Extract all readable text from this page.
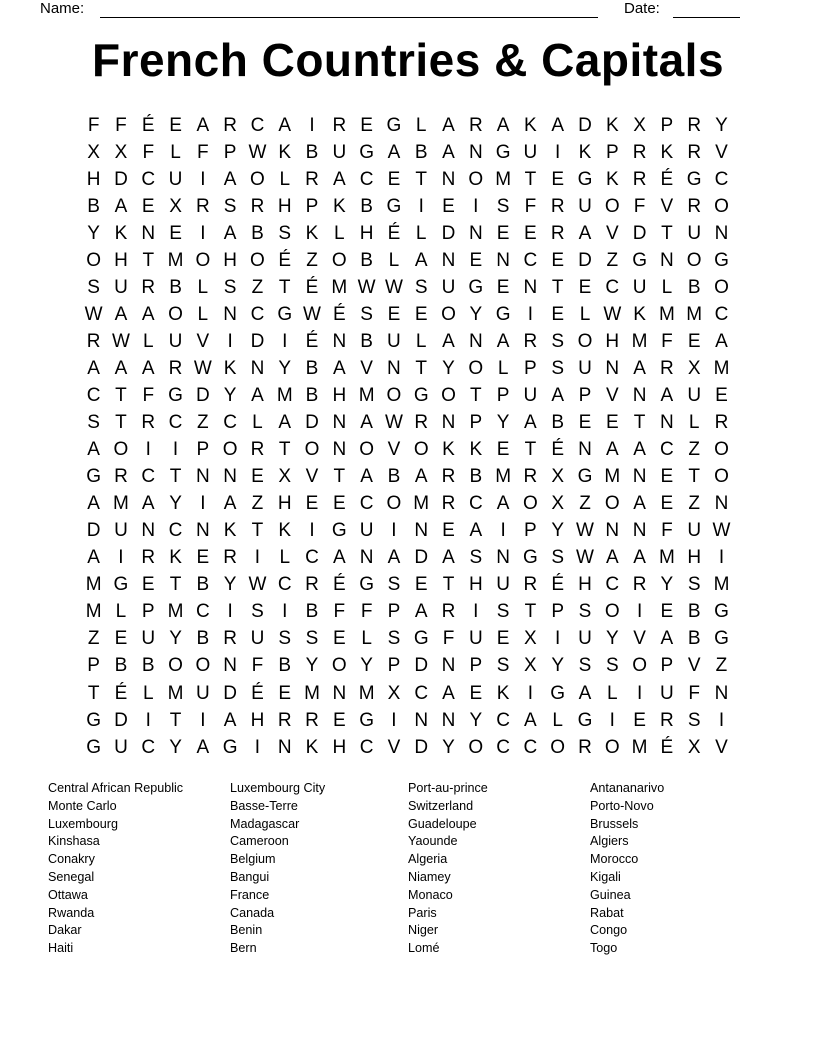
Name:	Date:
French Countries & Capitals
F F É E A R C A I R E G L A R A K A D K X P R Y
X X F L F P W K B U G A B A N G U I K P R K R V
H D C U I A O L R A C E T N O M T E G K R É G C
B A E X R S R H P K B G I E I S F R U O F V R O
Y K N E I A B S K L H É L D N E E R A V D T U N
O H T M O H O É Z O B L A N E N C E D Z G N O G
S U R B L S Z T É M W W S U G E N T E C U L B O
W A A O L N C G W É S E E O Y G I E L W K M M C
R W L U V I D I É N B U L A N A R S O H M F E A
A A A R W K N Y B A V N T Y O L P S U N A R X M
C T F G D Y A M B H M O G O T P U A P V N A U E
S T R C Z C L A D N A W R N P Y A B E E T N L R
A O I	I P O R T O N O V O K K E T É N A A C Z O
G R C T N N E X V T A B A R B M R X G M N E T O
A M A Y I A Z H E E C O M R C A O X Z O A E Z N
D U N C N K T K I G U I N E A I P Y W N N F U W
A I R K E R I	L C A N A D A S N G S W A A M H I
M G E T B Y W C R É G S E T H U R É H C R Y S M
M L P M C I S I B F F P A R I S T P S O I E B G
Z E U Y B R U S S E L S G F U E X I U Y V A B G
P B B O O N F B Y O Y P D N P S X Y S S O P V Z
T É L M U D É E M N M X C A E K I G A L	I U F N
G D I T I A H R R E G I N N Y C A L G I E R S I
G U C Y A G I N K H C V D Y O C C O R O M É X V
Central African Republic
Monte Carlo
Luxembourg
Kinshasa
Conakry
Senegal
Ottawa
Rwanda
Dakar
Haiti
Luxembourg City
Basse-Terre
Madagascar
Cameroon
Belgium
Bangui
France
Canada
Benin
Bern
Port-au-prince
Switzerland
Guadeloupe
Yaounde
Algeria
Niamey
Monaco
Paris
Niger
Lomé
Antananarivo
Porto-Novo
Brussels
Algiers
Morocco
Kigali
Guinea
Rabat
Congo
Togo
